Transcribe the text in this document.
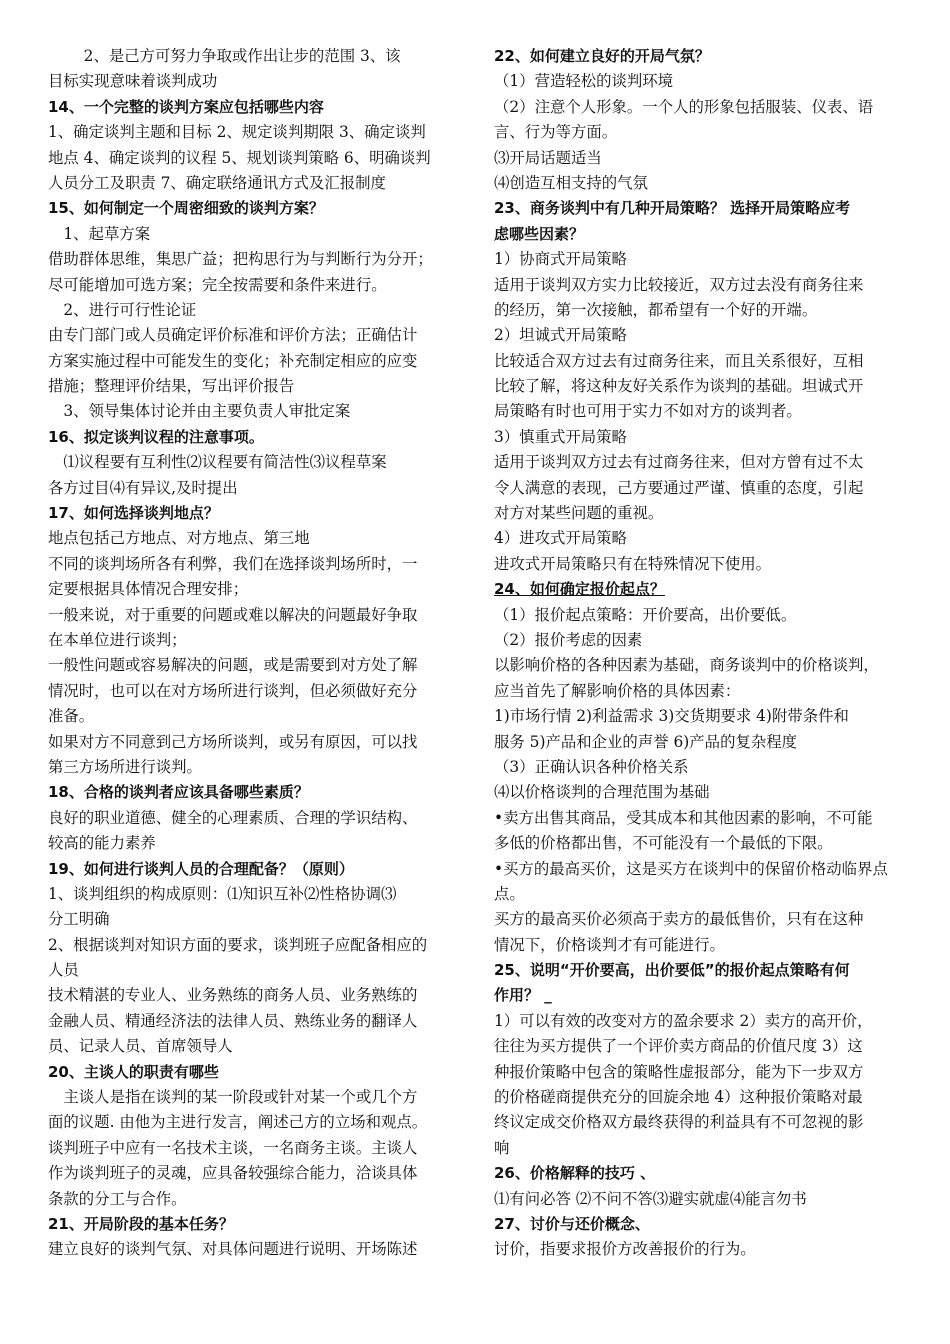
　　 2、是己方可努力争取或作出让步的范围 3、该
目标实现意味着谈判成功
14、一个完整的谈判方案应包括哪些内容
1、确定谈判主题和目标 2、规定谈判期限 3、确定谈判
地点 4、确定谈判的议程 5、规划谈判策略 6、明确谈判
人员分工及职责 7、确定联络通讯方式及汇报制度
15、如何制定一个周密细致的谈判方案？
　1、起草方案
借助群体思维，集思广益；把构思行为与判断行为分开；
尽可能增加可选方案；完全按需要和条件来进行。
　2、进行可行性论证
由专门部门或人员确定评价标准和评价方法；正确估计
方案实施过程中可能发生的变化；补充制定相应的应变
措施；整理评价结果，写出评价报告
　3、领导集体讨论并由主要负责人审批定案
16、拟定谈判议程的注意事项。
　⑴议程要有互利性⑵议程要有简洁性⑶议程草案
各方过目⑷有异议,及时提出
17、如何选择谈判地点？
地点包括己方地点、对方地点、第三地
不同的谈判场所各有利弊，我们在选择谈判场所时，一
定要根据具体情况合理安排；
一般来说，对于重要的问题或难以解决的问题最好争取
在本单位进行谈判；
一般性问题或容易解决的问题，或是需要到对方处了解
情况时，也可以在对方场所进行谈判，但必须做好充分
准备。
如果对方不同意到己方场所谈判，或另有原因，可以找
第三方场所进行谈判。
18、合格的谈判者应该具备哪些素质？
良好的职业道德、健全的心理素质、合理的学识结构、
较高的能力素养
19、如何进行谈判人员的合理配备？（原则）
1、谈判组织的构成原则：⑴知识互补⑵性格协调⑶
分工明确
2、根据谈判对知识方面的要求，谈判班子应配备相应的
人员
技术精湛的专业人、业务熟练的商务人员、业务熟练的
金融人员、精通经济法的法律人员、熟练业务的翻译人
员、记录人员、首席领导人
20、主谈人的职责有哪些
　主谈人是指在谈判的某一阶段或针对某一个或几个方
面的议题. 由他为主进行发言，阐述己方的立场和观点。
谈判班子中应有一名技术主谈，一名商务主谈。主谈人
作为谈判班子的灵魂，应具备较强综合能力，洽谈具体
条款的分工与合作。
21、开局阶段的基本任务？
建立良好的谈判气氛、对具体问题进行说明、开场陈述
22、如何建立良好的开局气氛？
（1）营造轻松的谈判环境
（2）注意个人形象。一个人的形象包括服装、仪表、语
言、行为等方面。
⑶开局话题适当
⑷创造互相支持的气氛
23、商务谈判中有几种开局策略？ 选择开局策略应考
虑哪些因素？
1）协商式开局策略
适用于谈判双方实力比较接近，双方过去没有商务往来
的经历，第一次接触，都希望有一个好的开端。
2）坦诚式开局策略
比较适合双方过去有过商务往来，而且关系很好，互相
比较了解，将这种友好关系作为谈判的基础。坦诚式开
局策略有时也可用于实力不如对方的谈判者。
3）慎重式开局策略
适用于谈判双方过去有过商务往来，但对方曾有过不太
令人满意的表现，己方要通过严谨、慎重的态度，引起
对方对某些问题的重视。
4）进攻式开局策略
进攻式开局策略只有在特殊情况下使用。
24、如何确定报价起点？
（1）报价起点策略：开价要高，出价要低。
（2）报价考虑的因素
以影响价格的各种因素为基础，商务谈判中的价格谈判，
应当首先了解影响价格的具体因素：
1)市场行情 2)利益需求 3)交货期要求 4)附带条件和
服务 5)产品和企业的声誉 6)产品的复杂程度
（3）正确认识各种价格关系
⑷以价格谈判的合理范围为基础
•卖方出售其商品，受其成本和其他因素的影响，不可能
多低的价格都出售，不可能没有一个最低的下限。
•买方的最高买价，这是买方在谈判中的保留价格动临界点
点。
买方的最高买价必须高于卖方的最低售价，只有在这种
情况下，价格谈判才有可能进行。
25、说明“开价要高，出价要低”的报价起点策略有何
作用？ _
1）可以有效的改变对方的盈余要求 2）卖方的高开价，
往往为买方提供了一个评价卖方商品的价值尺度 3）这
种报价策略中包含的策略性虚报部分，能为下一步双方
的价格磋商提供充分的回旋余地 4）这种报价策略对最
终议定成交价格双方最终获得的利益具有不可忽视的影
响
26、价格解释的技巧 、
⑴有问必答 ⑵不问不答⑶避实就虚⑷能言勿书
27、讨价与还价概念、
讨价，指要求报价方改善报价的行为。
